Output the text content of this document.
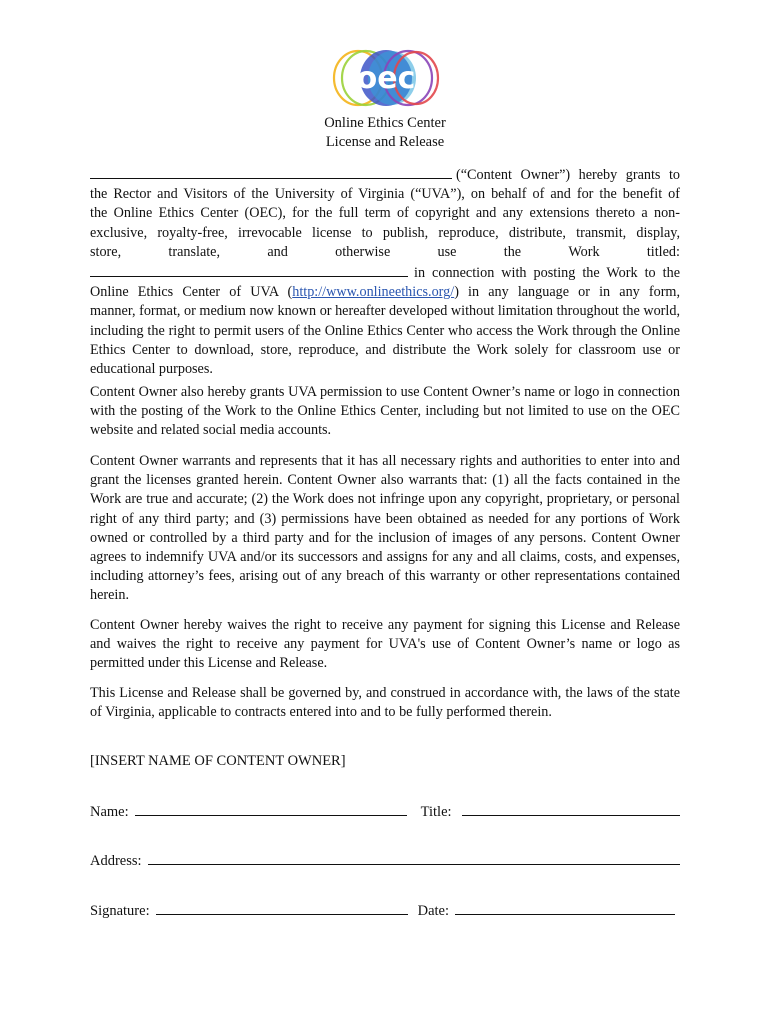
oec
Online Ethics Center
License and Release
(“Content Owner”) hereby grants to
the Rector and Visitors of the University of Virginia (“UVA”), on behalf of and for the benefit of
the Online Ethics Center (OEC), for the full term of copyright and any extensions thereto a non-
exclusive, royalty-free, irrevocable license to publish, reproduce, distribute, transmit, display,
store,	translate,	and	otherwise	use	the	Work	titled:
in connection with posting the Work to the
Online Ethics Center of UVA (http://www.onlineethics.org/) in any language or in any form,

manner, format, or medium now known or hereafter developed without limitation throughout the world, including the right to permit users of the Online Ethics Center who access the Work through the Online Ethics Center to download, store, reproduce, and distribute the Work solely for classroom use or educational purposes.

Content Owner also hereby grants UVA permission to use Content Owner’s name or logo in connection with the posting of the Work to the Online Ethics Center, including but not limited to use on the OEC website and related social media accounts.

Content Owner warrants and represents that it has all necessary rights and authorities to enter into and grant the licenses granted herein. Content Owner also warrants that: (1) all the facts contained in the Work are true and accurate; (2) the Work does not infringe upon any copyright, proprietary, or personal right of any third party; and (3) permissions have been obtained as needed for any portions of Work owned or controlled by a third party and for the inclusion of images of any persons. Content Owner agrees to indemnify UVA and/or its successors and assigns for any and all claims, costs, and expenses, including attorney’s fees, arising out of any breach of this warranty or other representations contained herein.

Content Owner hereby waives the right to receive any payment for signing this License and Release and waives the right to receive any payment for UVA's use of Content Owner’s name or logo as permitted under this License and Release.

This License and Release shall be governed by, and construed in accordance with, the laws of the state of Virginia, applicable to contracts entered into and to be fully performed therein.

[INSERT NAME OF CONTENT OWNER]
Name:	Title:
Address:
Signature:	Date:
